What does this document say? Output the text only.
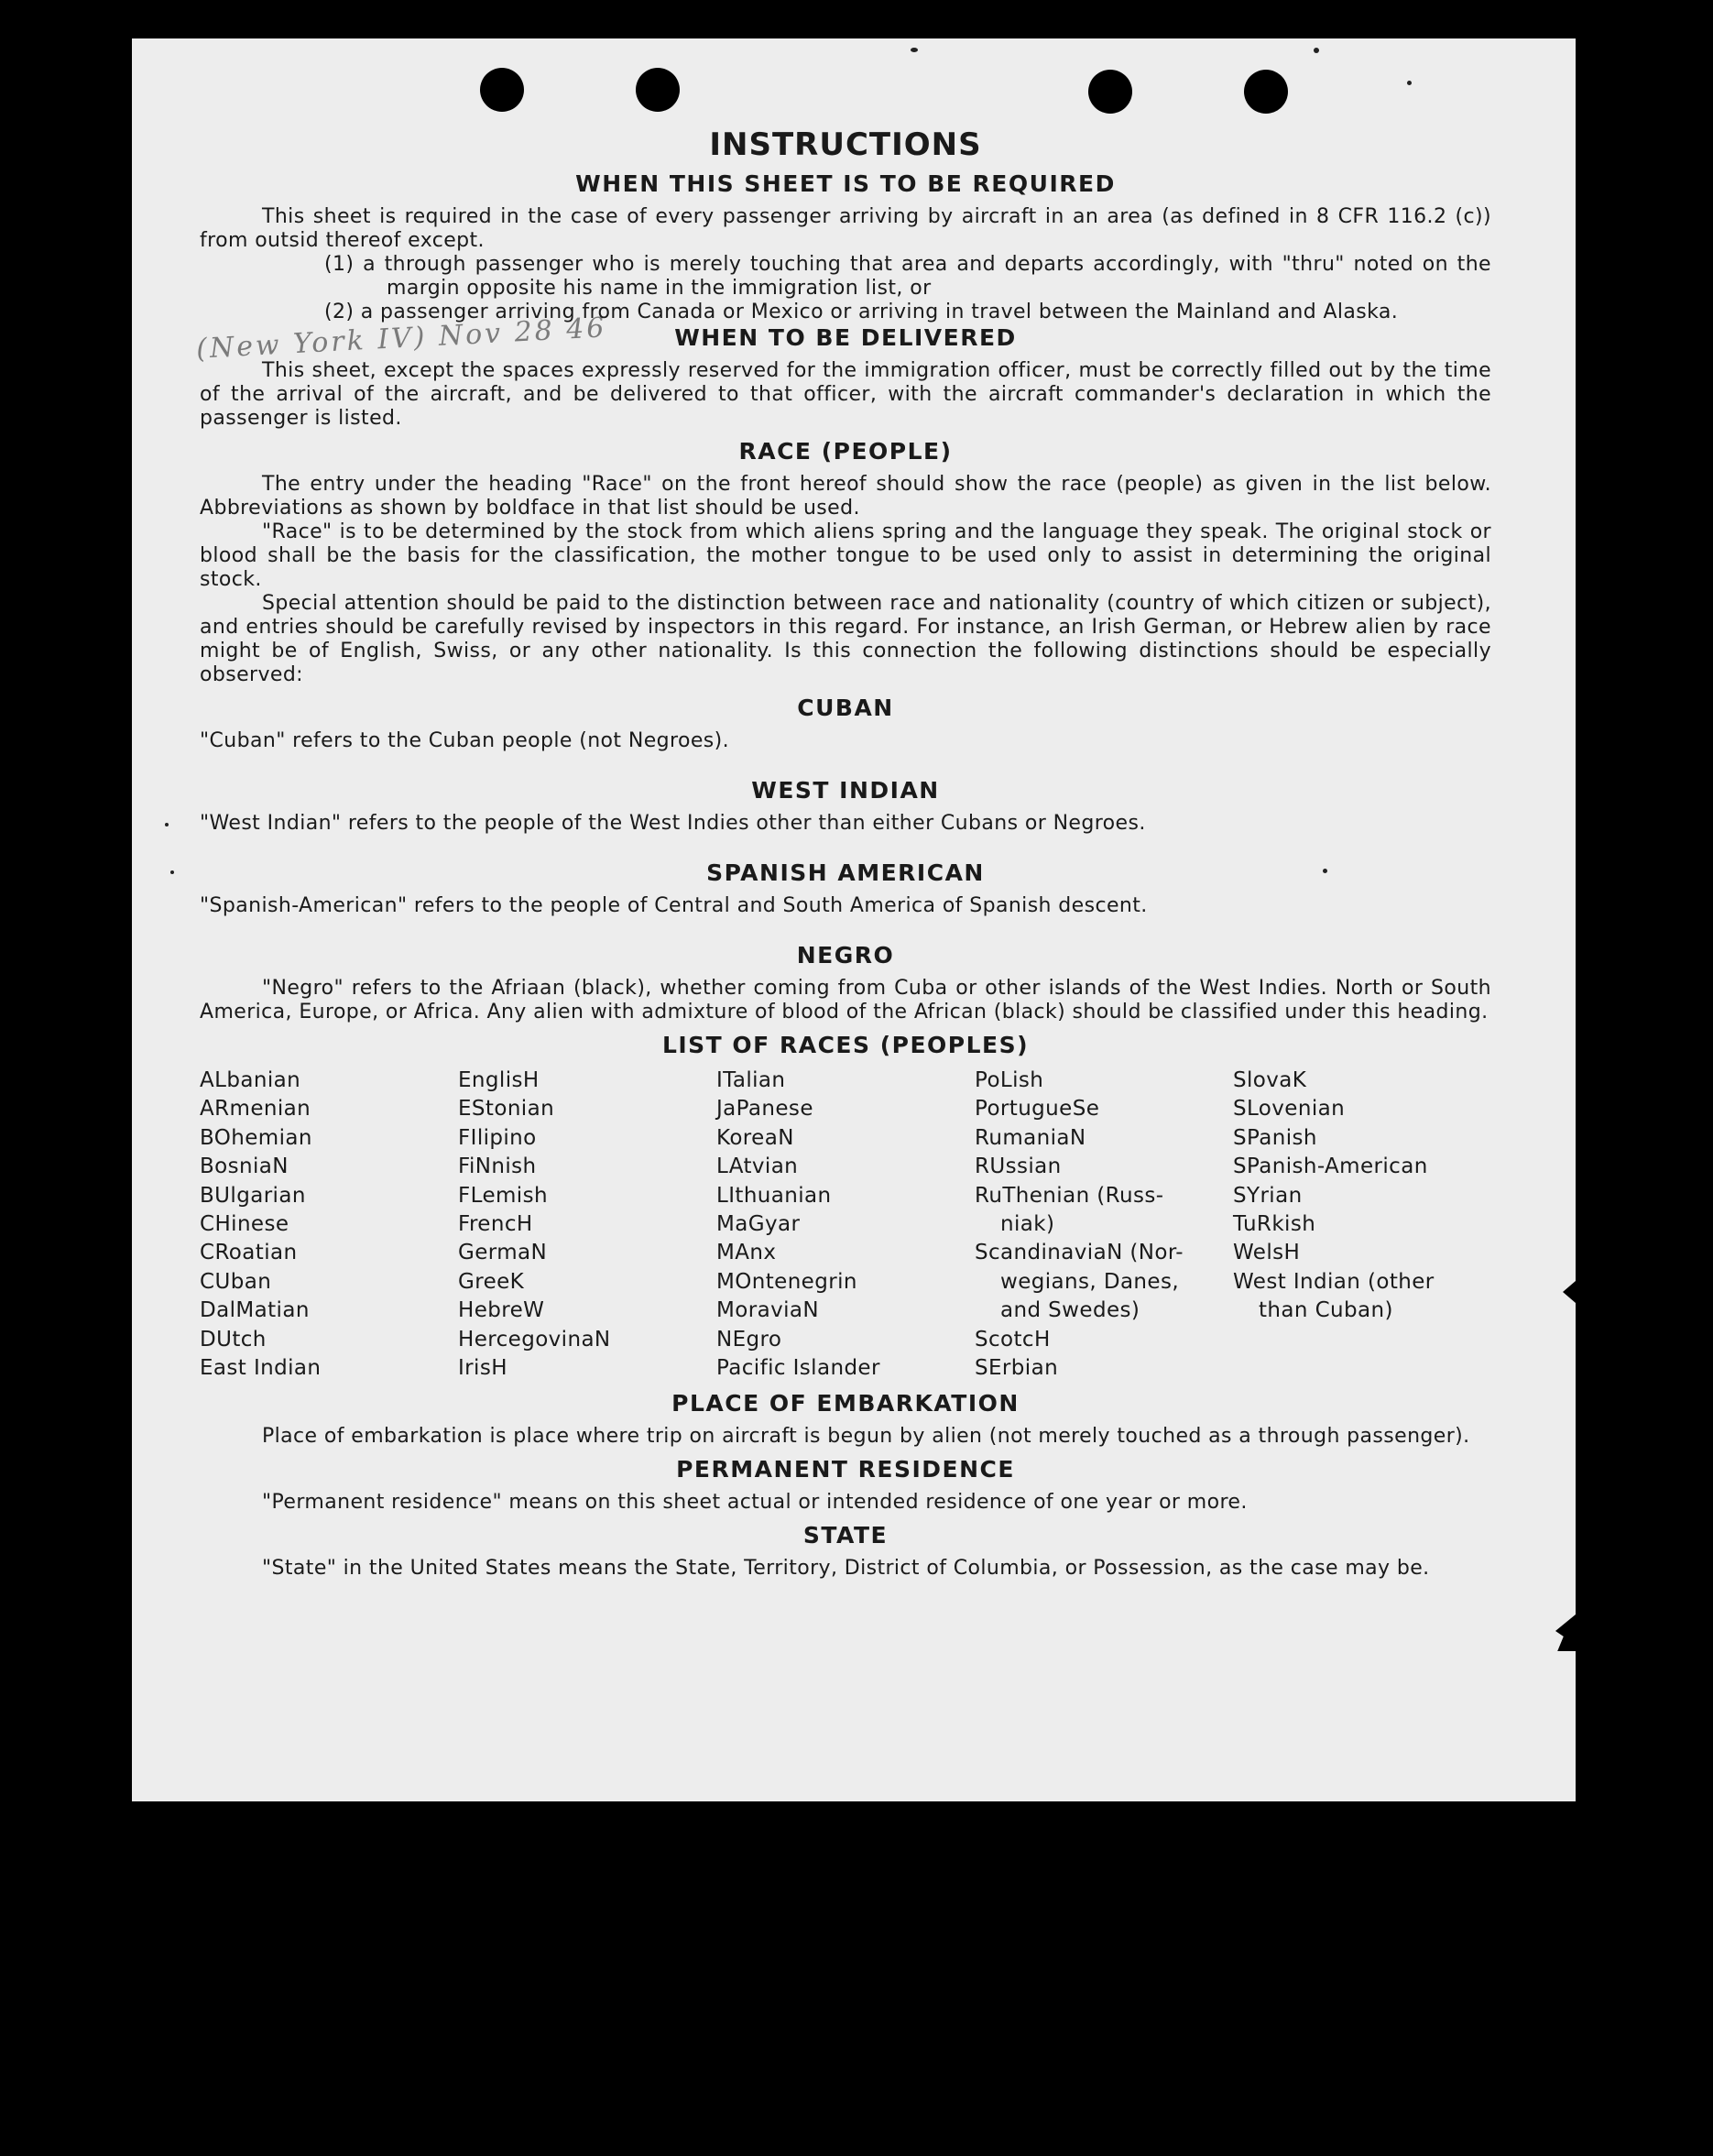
(New York IV) Nov 28 46
INSTRUCTIONS
WHEN THIS SHEET IS TO BE REQUIRED

This sheet is required in the case of every passenger arriving by aircraft in an area (as defined in 8 CFR 116.2 (c)) from outsid thereof except.

(1) a through passenger who is merely touching that area and departs accordingly, with "thru" noted on the margin opposite his name in the immigration list, or

(2) a passenger arriving from Canada or Mexico or arriving in travel between the Mainland and Alaska.

WHEN TO BE DELIVERED

This sheet, except the spaces expressly reserved for the immigration officer, must be correctly filled out by the time of the arrival of the aircraft, and be delivered to that officer, with the aircraft commander's declaration in which the passenger is listed.

RACE (PEOPLE)

The entry under the heading "Race" on the front hereof should show the race (people) as given in the list below. Abbreviations as shown by boldface in that list should be used.

"Race" is to be determined by the stock from which aliens spring and the language they speak. The original stock or blood shall be the basis for the classification, the mother tongue to be used only to assist in determining the original stock.

Special attention should be paid to the distinction between race and nationality (country of which citizen or subject), and entries should be carefully revised by inspectors in this regard. For instance, an Irish German, or Hebrew alien by race might be of English, Swiss, or any other nationality. Is this connection the following distinctions should be especially observed:

CUBAN

"Cuban" refers to the Cuban people (not Negroes).

WEST INDIAN

"West Indian" refers to the people of the West Indies other than either Cubans or Negroes.

SPANISH AMERICAN

"Spanish-American" refers to the people of Central and South America of Spanish descent.

NEGRO

"Negro" refers to the Afriaan (black), whether coming from Cuba or other islands of the West Indies. North or South America, Europe, or Africa. Any alien with admixture of blood of the African (black) should be classified under this heading.

LIST OF RACES (PEOPLES)
ALbanian
ARmenian
BOhemian
BosniaN
BUlgarian
CHinese
CRoatian
CUban
DalMatian
DUtch
East Indian
EnglisH
EStonian
FIlipino
FiNnish
FLemish
FrencH
GermaN
GreeK
HebreW
HercegovinaN
IrisH
ITalian
JaPanese
KoreaN
LAtvian
LIthuanian
MaGyar
MAnx
MOntenegrin
MoraviaN
NEgro
Pacific Islander
PoLish
PortugueSe
RumaniaN
RUssian
RuThenian (Russ-
niak)
ScandinaviaN (Nor-
wegians, Danes,
and Swedes)
ScotcH
SErbian
SlovaK
SLovenian
SPanish
SPanish-American
SYrian
TuRkish
WelsH
West Indian (other
than Cuban)
PLACE OF EMBARKATION

Place of embarkation is place where trip on aircraft is begun by alien (not merely touched as a through passenger).

PERMANENT RESIDENCE

"Permanent residence" means on this sheet actual or intended residence of one year or more.

STATE

"State" in the United States means the State, Territory, District of Columbia, or Possession, as the case may be.
